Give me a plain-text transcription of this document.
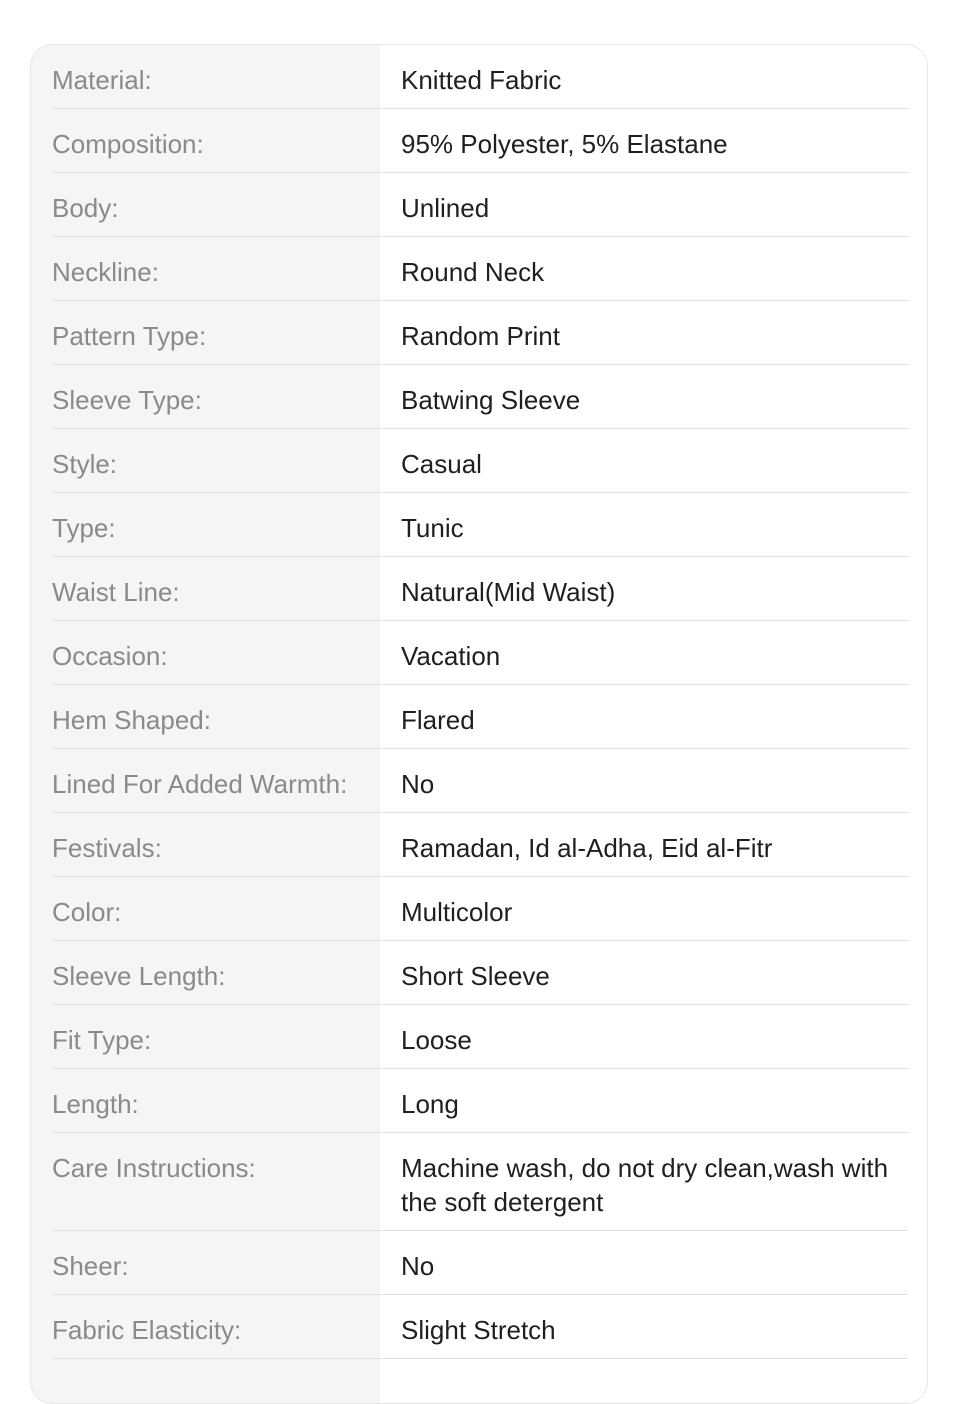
Material:	Knitted Fabric
Composition:	95% Polyester, 5% Elastane
Body:	Unlined
Neckline:	Round Neck
Pattern Type:	Random Print
Sleeve Type:	Batwing Sleeve
Style:	Casual
Type:	Tunic
Waist Line:	Natural(Mid Waist)
Occasion:	Vacation
Hem Shaped:	Flared
Lined For Added Warmth:	No
Festivals:	Ramadan, Id al-Adha, Eid al-Fitr
Color:	Multicolor
Sleeve Length:	Short Sleeve
Fit Type:	Loose
Length:	Long
Care Instructions:	Machine wash, do not dry clean,wash with the soft detergent
Sheer:	No
Fabric Elasticity:	Slight Stretch
